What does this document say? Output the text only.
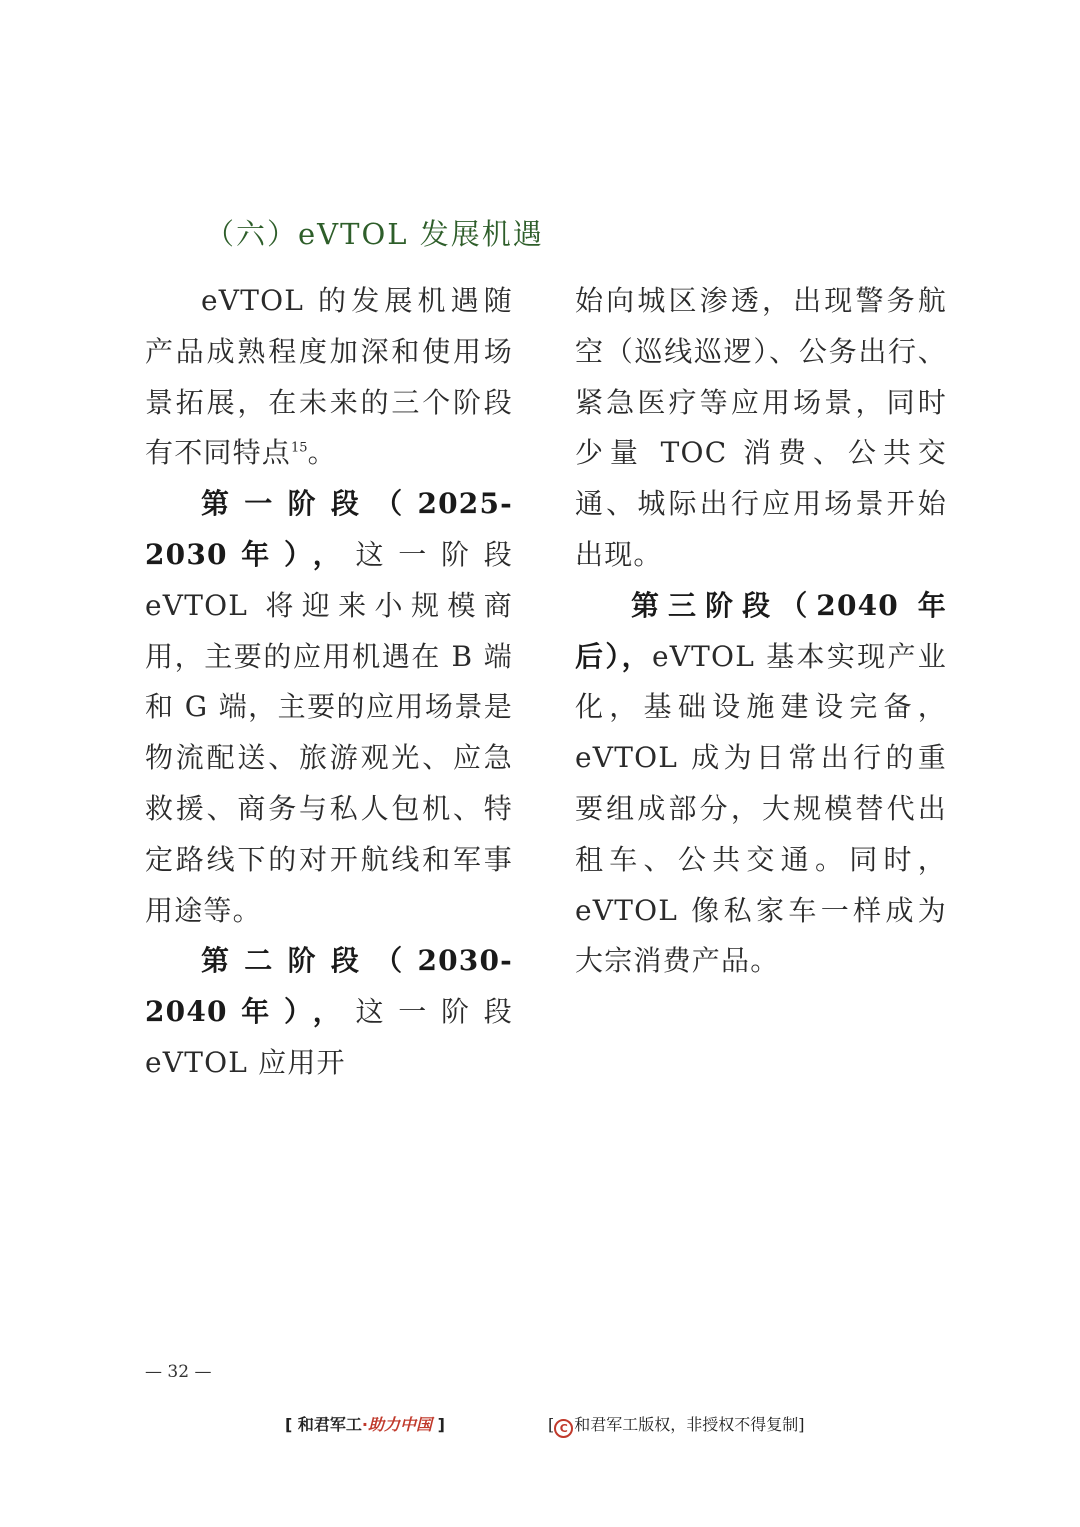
（六）eVTOL 发展机遇

eVTOL 的发展机遇随产品成熟程度加深和使用场景拓展，在未来的三个阶段有不同特点$^{15}$。

第一阶段（2025-2030年），这一阶段 eVTOL 将迎来小规模商用，主要的应用机遇在 B 端和 G 端，主要的应用场景是物流配送、旅游观光、应急救援、商务与私人包机、特定路线下的对开航线和军事用途等。

第二阶段（2030-2040年），这一阶段 eVTOL 应用开

始向城区渗透，出现警务航空（巡线巡逻）、公务出行、紧急医疗等应用场景，同时少量 TOC 消费、公共交通、城际出行应用场景开始出现。

第三阶段（2040 年后），eVTOL 基本实现产业化，基础设施建设完备，eVTOL 成为日常出行的重要组成部分，大规模替代出租车、公共交通。同时，eVTOL 像私家车一样成为大宗消费产品。

— 32 —
[ 和君军工·助力中国 ]	[ C 和君军工版权，非授权不得复制]
